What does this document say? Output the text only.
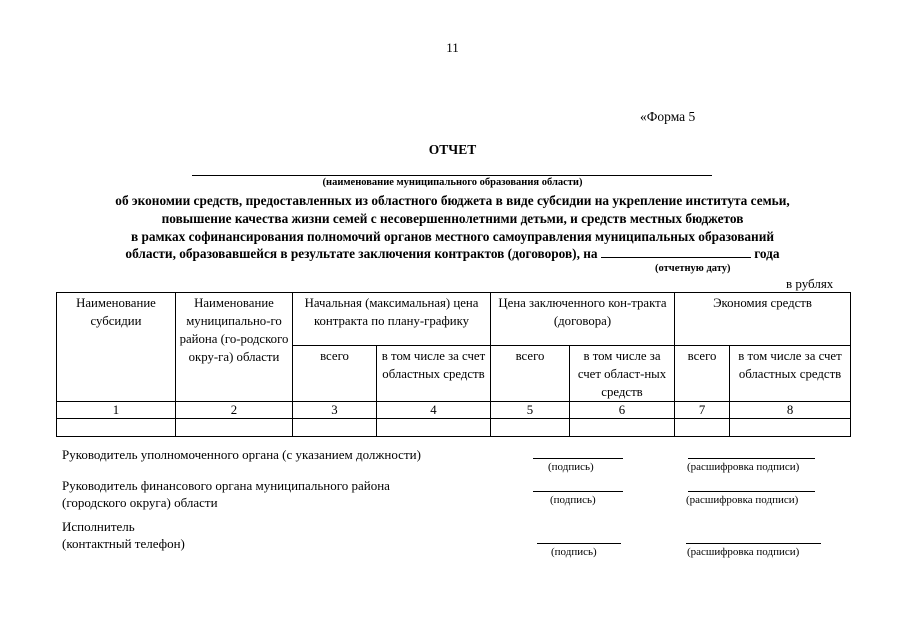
11
«Форма 5
ОТЧЕТ
(наименование муниципального образования области)
об экономии средств, предоставленных из областного бюджета в виде субсидии на укрепление института семьи,
повышение качества жизни семей с несовершеннолетними детьми, и средств местных бюджетов
в рамках софинансирования полномочий органов местного самоуправления муниципальных образований
области, образовавшейся в результате заключения контрактов (договоров), на	года
(отчетную дату)
в рублях
Наименование субсидии	Наименование муниципально-го района (го-родского окру-га) области	Начальная (максимальная) цена контракта по плану-графику		Цена заключенного кон-тракта (договора)		Экономия средств	
		всего	в том числе за счет областных средств	всего	в том числе за счет област-ных средств	всего	в том числе за счет областных средств
1	2	3	4	5	6	7	8

Руководитель уполномоченного органа (с указанием должности)
(подпись)	(расшифровка подписи)
Руководитель финансового органа муниципального района
(городского округа) области	(подпись)	(расшифровка подписи)
Исполнитель
(контактный телефон)
(подпись)	(расшифровка подписи)
